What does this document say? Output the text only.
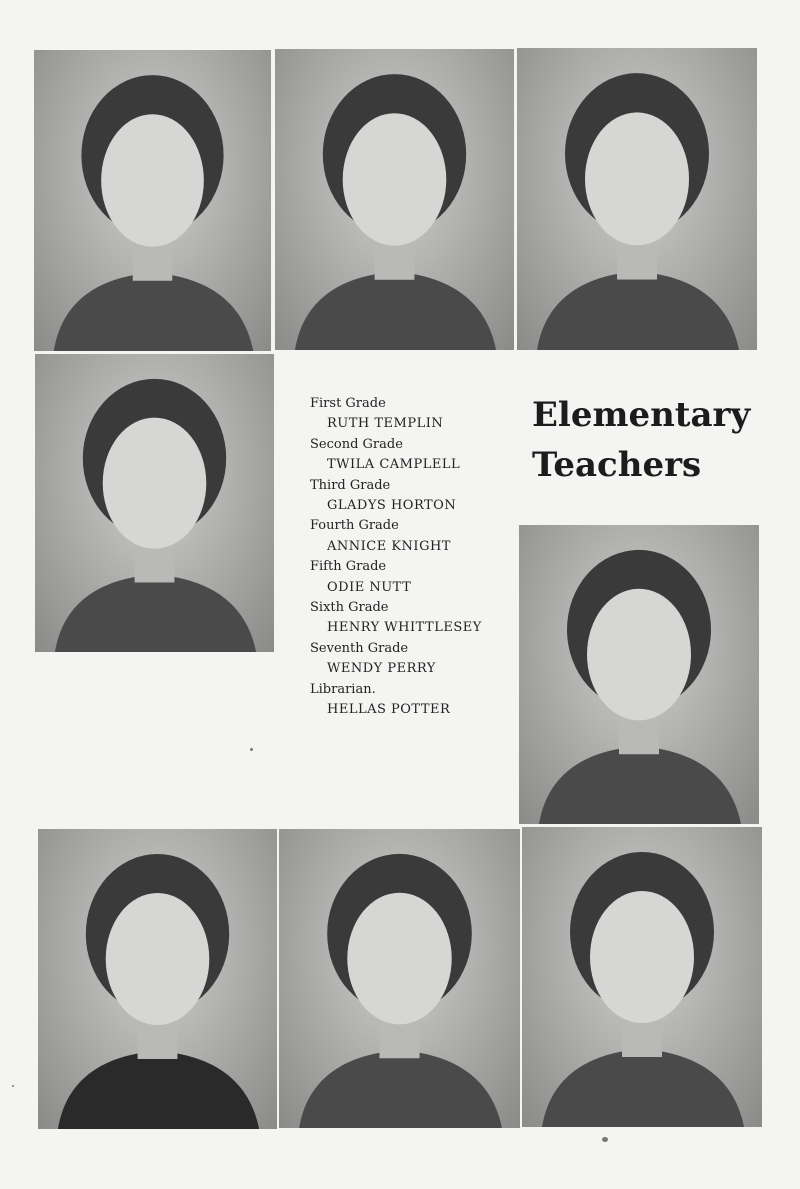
Elementary
Teachers
First Grade
RUTH TEMPLIN
Second Grade
TWILA CAMPLELL
Third Grade
GLADYS HORTON
Fourth Grade
ANNICE KNIGHT
Fifth Grade
ODIE NUTT
Sixth Grade
HENRY WHITTLESEY
Seventh Grade
WENDY PERRY
Librarian.
HELLAS POTTER
